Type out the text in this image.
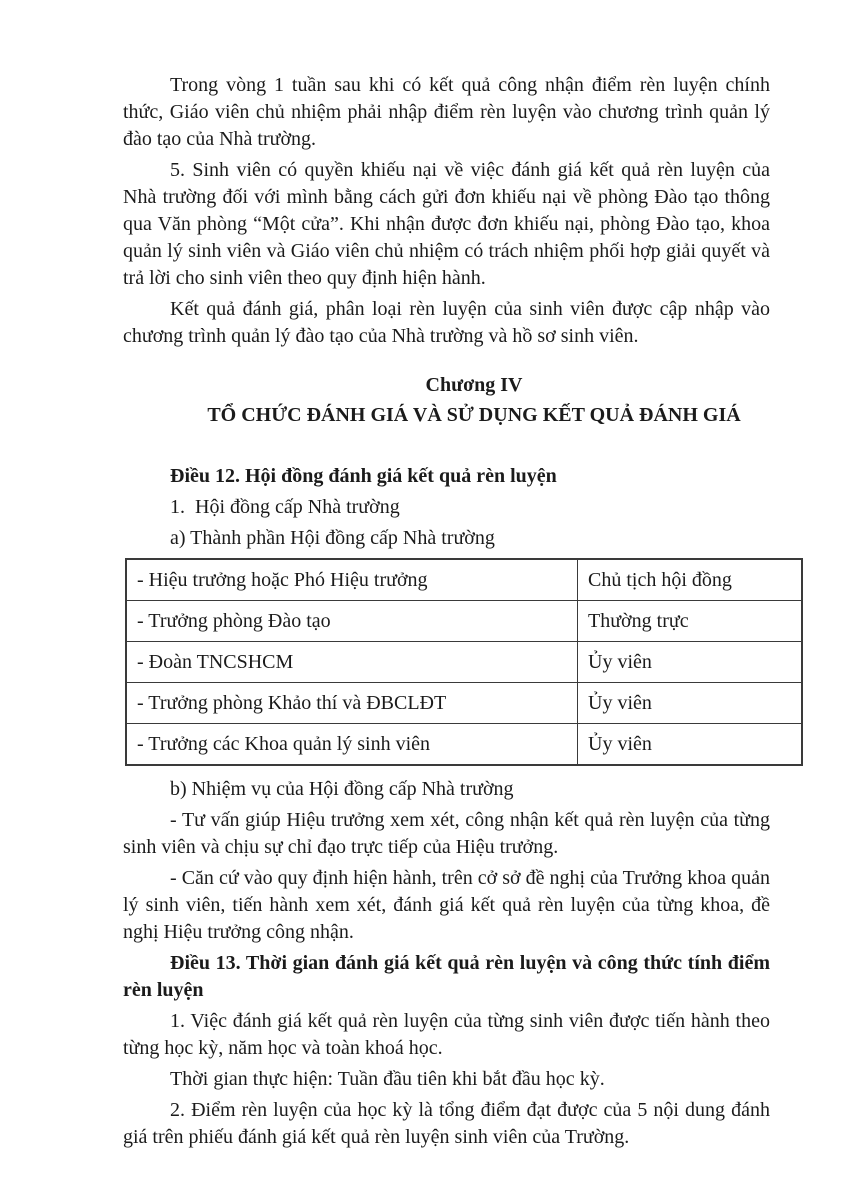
Trong vòng 1 tuần sau khi có kết quả công nhận điểm rèn luyện chính thức, Giáo viên chủ nhiệm phải nhập điểm rèn luyện vào chương trình quản lý đào tạo của Nhà trường.

5. Sinh viên có quyền khiếu nại về việc đánh giá kết quả rèn luyện của Nhà trường đối với mình bằng cách gửi đơn khiếu nại về phòng Đào tạo thông qua Văn phòng “Một cửa”. Khi nhận được đơn khiếu nại, phòng Đào tạo, khoa quản lý sinh viên và Giáo viên chủ nhiệm có trách nhiệm phối hợp giải quyết và trả lời cho sinh viên theo quy định hiện hành.

Kết quả đánh giá, phân loại rèn luyện của sinh viên được cập nhập vào chương trình quản lý đào tạo của Nhà trường và hồ sơ sinh viên.

Chương IV

TỔ CHỨC ĐÁNH GIÁ VÀ SỬ DỤNG KẾT QUẢ ĐÁNH GIÁ

Điều 12. Hội đồng đánh giá kết quả rèn luyện

1.  Hội đồng cấp Nhà trường

a) Thành phần Hội đồng cấp Nhà trường

- Hiệu trưởng hoặc Phó Hiệu trưởng	Chủ tịch hội đồng
- Trưởng phòng Đào tạo	Thường trực
- Đoàn TNCSHCM	Ủy viên
- Trưởng phòng Khảo thí và ĐBCLĐT	Ủy viên
- Trưởng các Khoa quản lý sinh viên	Ủy viên

b) Nhiệm vụ của Hội đồng cấp Nhà trường

- Tư vấn giúp Hiệu trưởng xem xét, công nhận kết quả rèn luyện của từng sinh viên và chịu sự chỉ đạo trực tiếp của Hiệu trưởng.

- Căn cứ vào quy định hiện hành, trên cở sở đề nghị của Trưởng khoa quản lý sinh viên, tiến hành xem xét, đánh giá kết quả rèn luyện của từng khoa, đề nghị Hiệu trưởng công nhận.

Điều 13. Thời gian đánh giá kết quả rèn luyện và công thức tính điểm rèn luyện

1. Việc đánh giá kết quả rèn luyện của từng sinh viên được tiến hành theo từng học kỳ, năm học và toàn khoá học.

Thời gian thực hiện: Tuần đầu tiên khi bắt đầu học kỳ.

2. Điểm rèn luyện của học kỳ là tổng điểm đạt được của 5 nội dung đánh giá trên phiếu đánh giá kết quả rèn luyện sinh viên của Trường.
